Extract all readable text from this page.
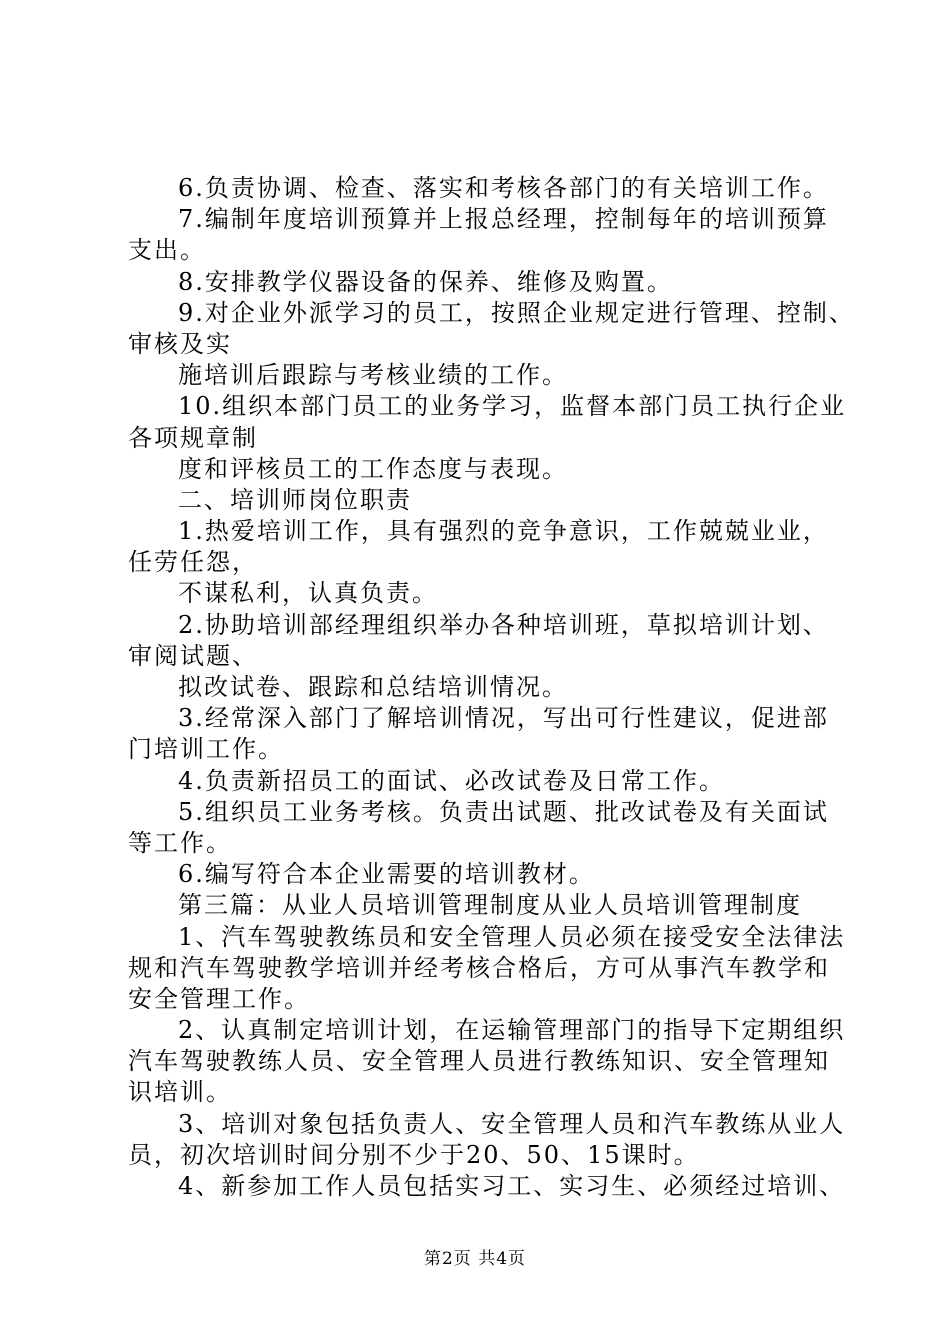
6.负责协调、检查、落实和考核各部门的有关培训工作。
7.编制年度培训预算并上报总经理，控制每年的培训预算
支出。
8.安排教学仪器设备的保养、维修及购置。
9.对企业外派学习的员工，按照企业规定进行管理、控制、
审核及实
施培训后跟踪与考核业绩的工作。
10.组织本部门员工的业务学习，监督本部门员工执行企业
各项规章制
度和评核员工的工作态度与表现。
二、培训师岗位职责
1.热爱培训工作，具有强烈的竞争意识，工作兢兢业业，
任劳任怨，
不谋私利，认真负责。
2.协助培训部经理组织举办各种培训班，草拟培训计划、
审阅试题、
拟改试卷、跟踪和总结培训情况。
3.经常深入部门了解培训情况，写出可行性建议，促进部
门培训工作。
4.负责新招员工的面试、必改试卷及日常工作。
5.组织员工业务考核。负责出试题、批改试卷及有关面试
等工作。
6.编写符合本企业需要的培训教材。
第三篇：从业人员培训管理制度从业人员培训管理制度
1、汽车驾驶教练员和安全管理人员必须在接受安全法律法
规和汽车驾驶教学培训并经考核合格后，方可从事汽车教学和
安全管理工作。
2、认真制定培训计划，在运输管理部门的指导下定期组织
汽车驾驶教练人员、安全管理人员进行教练知识、安全管理知
识培训。
3、培训对象包括负责人、安全管理人员和汽车教练从业人
员，初次培训时间分别不少于20、50、15课时。
4、新参加工作人员包括实习工、实习生、必须经过培训、
第2页 共4页
